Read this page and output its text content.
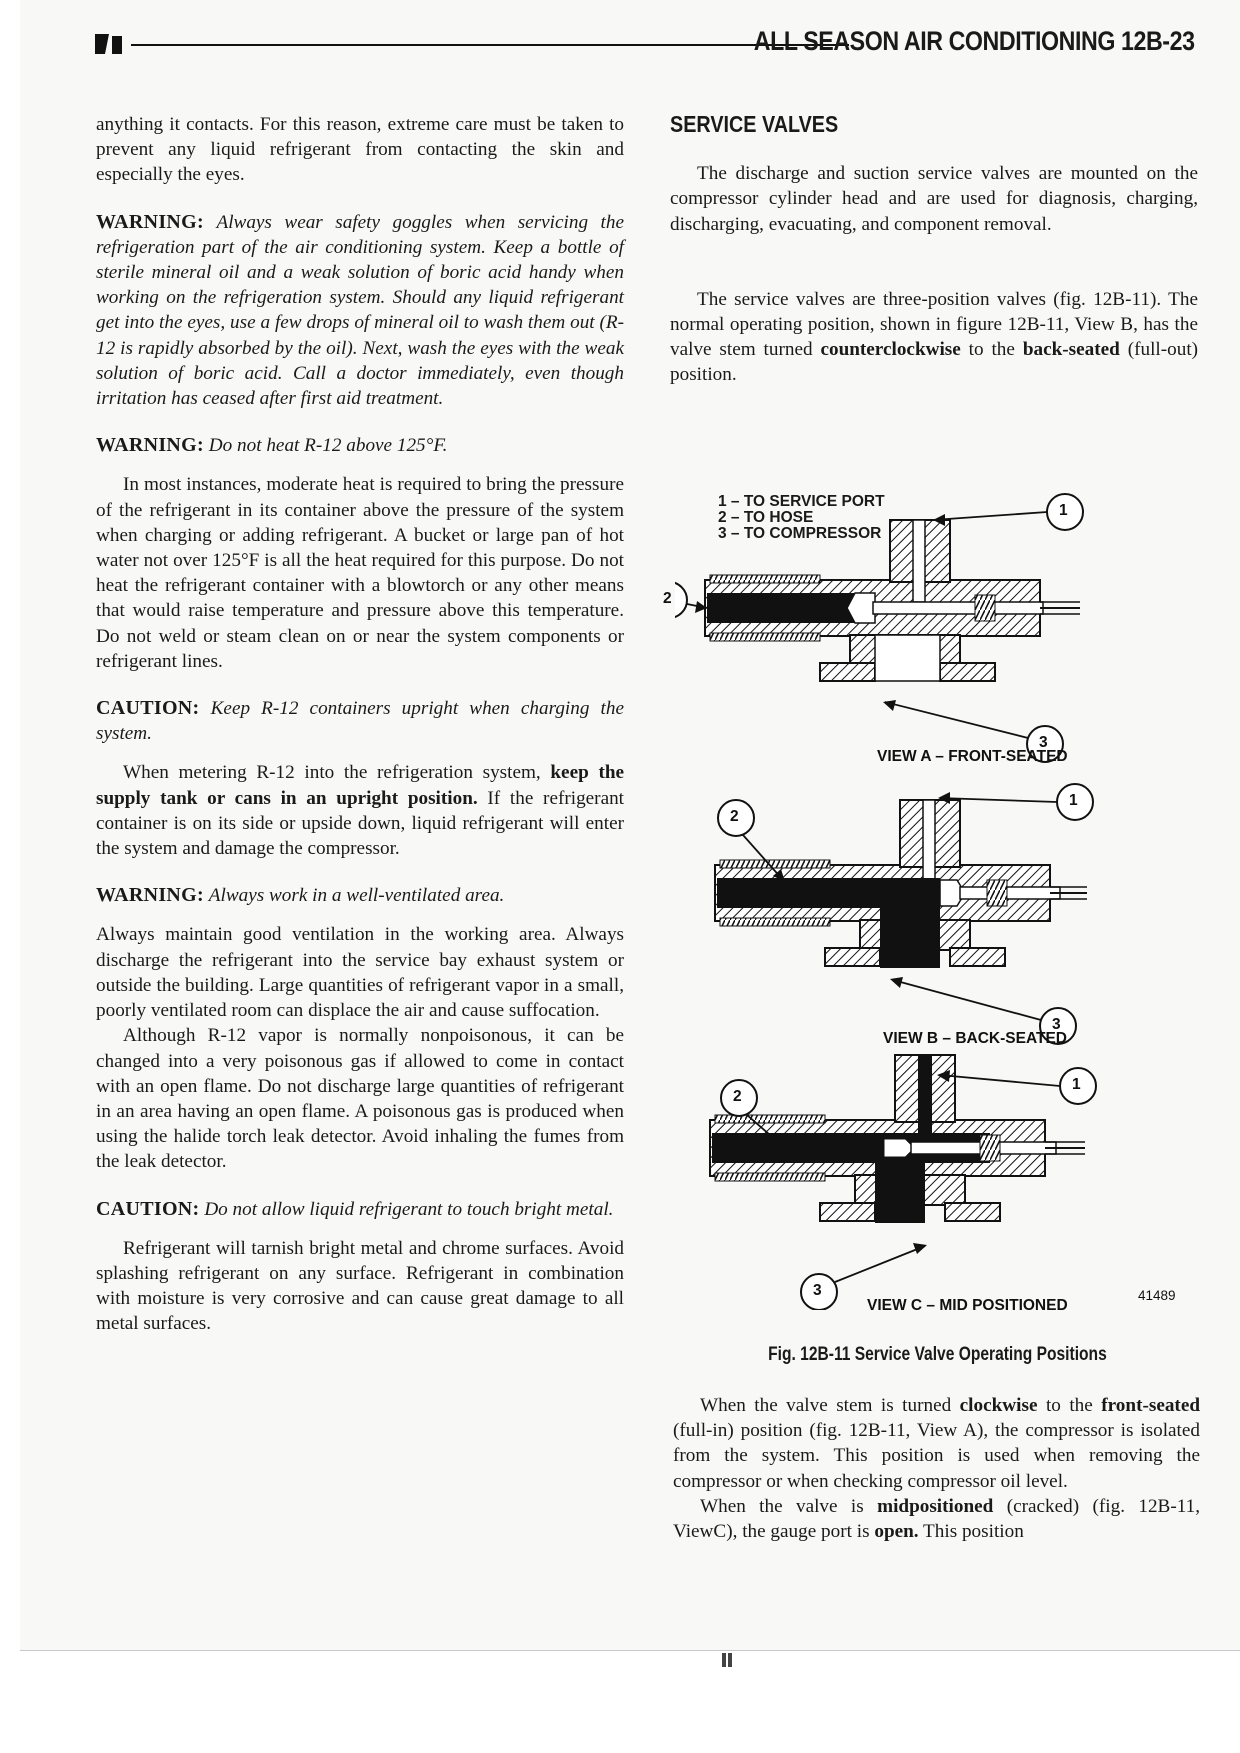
ALL SEASON AIR CONDITIONING 12B-23

anything it contacts. For this reason, extreme care must be taken to prevent any liquid refrigerant from contacting the skin and especially the eyes.

WARNING: Always wear safety goggles when servicing the refrigeration part of the air conditioning system. Keep a bottle of sterile mineral oil and a weak solution of boric acid handy when working on the refrigeration system. Should any liquid refrigerant get into the eyes, use a few drops of mineral oil to wash them out (R-12 is rapidly absorbed by the oil). Next, wash the eyes with the weak solution of boric acid. Call a doctor immediately, even though irritation has ceased after first aid treatment.

WARNING: Do not heat R-12 above 125°F.

In most instances, moderate heat is required to bring the pressure of the refrigerant in its container above the pressure of the system when charging or adding refrigerant. A bucket or large pan of hot water not over 125°F is all the heat required for this purpose. Do not heat the refrigerant container with a blowtorch or any other means that would raise temperature and pressure above this temperature. Do not weld or steam clean on or near the system components or refrigerant lines.

CAUTION: Keep R-12 containers upright when charging the system.

When metering R-12 into the refrigeration system, keep the supply tank or cans in an upright position. If the refrigerant container is on its side or upside down, liquid refrigerant will enter the system and damage the compressor.

WARNING: Always work in a well-ventilated area.

Always maintain good ventilation in the working area. Always discharge the refrigerant into the service bay exhaust system or outside the building. Large quantities of refrigerant vapor in a small, poorly ventilated room can displace the air and cause suffocation.

Although R-12 vapor is normally nonpoisonous, it can be changed into a very poisonous gas if allowed to come in contact with an open flame. Do not discharge large quantities of refrigerant in an area having an open flame. A poisonous gas is produced when using the halide torch leak detector. Avoid inhaling the fumes from the leak detector.

CAUTION: Do not allow liquid refrigerant to touch bright metal.

Refrigerant will tarnish bright metal and chrome surfaces. Avoid splashing refrigerant on any surface. Refrigerant in combination with moisture is very corrosive and can cause great damage to all metal surfaces.

SERVICE VALVES

The discharge and suction service valves are mounted on the compressor cylinder head and are used for diagnosis, charging, discharging, evacuating, and component removal.

The service valves are three-position valves (fig. 12B-11). The normal operating position, shown in figure 12B-11, View B, has the valve stem turned counterclockwise to the back-seated (full-out) position.

1 – TO SERVICE PORT
2 – TO HOSE
3 – TO COMPRESSOR
1
2
3
1
2
3
1
2
3
VIEW A – FRONT-SEATED
VIEW B – BACK-SEATED
VIEW C – MID POSITIONED
41489
Fig. 12B-11 Service Valve Operating Positions

When the valve stem is turned clockwise to the front-seated (full-in) position (fig. 12B-11, View A), the compressor is isolated from the system. This position is used when removing the compressor or when checking compressor oil level.

When the valve is midpositioned (cracked) (fig. 12B-11, ViewC), the gauge port is open. This position
